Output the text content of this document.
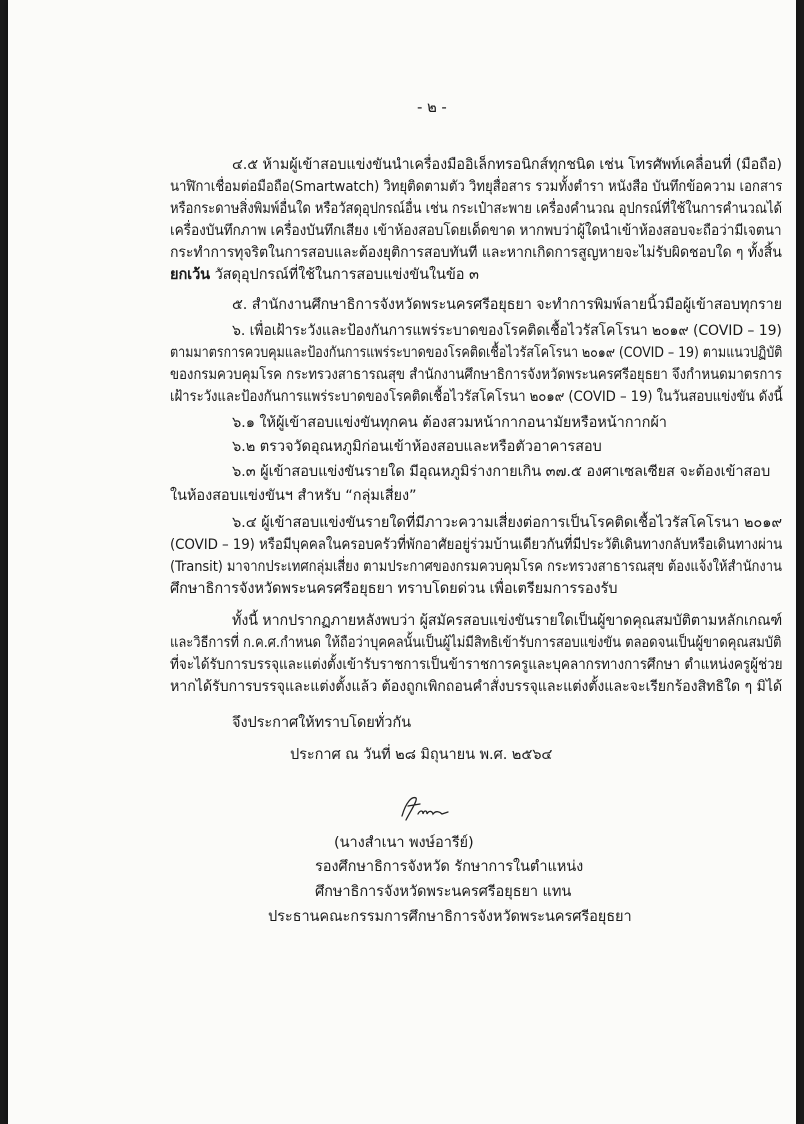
- ๒ -
๔.๕ ห้ามผู้เข้าสอบแข่งขันนำเครื่องมืออิเล็กทรอนิกส์ทุกชนิด เช่น โทรศัพท์เคลื่อนที่ (มือถือ)
นาฬิกาเชื่อมต่อมือถือ(Smartwatch) วิทยุติดตามตัว วิทยุสื่อสาร รวมทั้งตำรา หนังสือ บันทึกข้อความ เอกสาร
หรือกระดาษสิ่งพิมพ์อื่นใด หรือวัสดุอุปกรณ์อื่น เช่น กระเป๋าสะพาย เครื่องคำนวณ อุปกรณ์ที่ใช้ในการคำนวณได้
เครื่องบันทึกภาพ เครื่องบันทึกเสียง เข้าห้องสอบโดยเด็ดขาด หากพบว่าผู้ใดนำเข้าห้องสอบจะถือว่ามีเจตนา
กระทำการทุจริตในการสอบและต้องยุติการสอบทันที และหากเกิดการสูญหายจะไม่รับผิดชอบใด ๆ ทั้งสิ้น
ยกเว้น วัสดุอุปกรณ์ที่ใช้ในการสอบแข่งขันในข้อ ๓
๕. สำนักงานศึกษาธิการจังหวัดพระนครศรีอยุธยา จะทำการพิมพ์ลายนิ้วมือผู้เข้าสอบทุกราย
๖. เพื่อเฝ้าระวังและป้องกันการแพร่ระบาดของโรคติดเชื้อไวรัสโคโรนา ๒๐๑๙ (COVID – 19)
ตามมาตรการควบคุมและป้องกันการแพร่ระบาดของโรคติดเชื้อไวรัสโคโรนา ๒๐๑๙ (COVID – 19) ตามแนวปฏิบัติ
ของกรมควบคุมโรค กระทรวงสาธารณสุข สำนักงานศึกษาธิการจังหวัดพระนครศรีอยุธยา จึงกำหนดมาตรการ
เฝ้าระวังและป้องกันการแพร่ระบาดของโรคติดเชื้อไวรัสโคโรนา ๒๐๑๙ (COVID – 19) ในวันสอบแข่งขัน ดังนี้
๖.๑ ให้ผู้เข้าสอบแข่งขันทุกคน ต้องสวมหน้ากากอนามัยหรือหน้ากากผ้า
๖.๒ ตรวจวัดอุณหภูมิก่อนเข้าห้องสอบและหรือตัวอาคารสอบ
๖.๓ ผู้เข้าสอบแข่งขันรายใด มีอุณหภูมิร่างกายเกิน ๓๗.๕ องศาเซลเซียส จะต้องเข้าสอบ
ในห้องสอบแข่งขันฯ สำหรับ “กลุ่มเสี่ยง”
๖.๔ ผู้เข้าสอบแข่งขันรายใดที่มีภาวะความเสี่ยงต่อการเป็นโรคติดเชื้อไวรัสโคโรนา ๒๐๑๙
(COVID – 19) หรือมีบุคคลในครอบครัวที่พักอาศัยอยู่ร่วมบ้านเดียวกันที่มีประวัติเดินทางกลับหรือเดินทางผ่าน
(Transit) มาจากประเทศกลุ่มเสี่ยง ตามประกาศของกรมควบคุมโรค กระทรวงสาธารณสุข ต้องแจ้งให้สำนักงาน
ศึกษาธิการจังหวัดพระนครศรีอยุธยา ทราบโดยด่วน เพื่อเตรียมการรองรับ
ทั้งนี้ หากปรากฏภายหลังพบว่า ผู้สมัครสอบแข่งขันรายใดเป็นผู้ขาดคุณสมบัติตามหลักเกณฑ์
และวิธีการที่ ก.ค.ศ.กำหนด ให้ถือว่าบุคคลนั้นเป็นผู้ไม่มีสิทธิเข้ารับการสอบแข่งขัน ตลอดจนเป็นผู้ขาดคุณสมบัติ
ที่จะได้รับการบรรจุและแต่งตั้งเข้ารับราชการเป็นข้าราชการครูและบุคลากรทางการศึกษา ตำแหน่งครูผู้ช่วย
หากได้รับการบรรจุและแต่งตั้งแล้ว ต้องถูกเพิกถอนคำสั่งบรรจุและแต่งตั้งและจะเรียกร้องสิทธิใด ๆ มิได้
จึงประกาศให้ทราบโดยทั่วกัน
ประกาศ ณ วันที่ ๒๘ มิถุนายน พ.ศ. ๒๕๖๔
(นางสำเนา พงษ์อารีย์)
รองศึกษาธิการจังหวัด รักษาการในตำแหน่ง
ศึกษาธิการจังหวัดพระนครศรีอยุธยา แทน
ประธานคณะกรรมการศึกษาธิการจังหวัดพระนครศรีอยุธยา
